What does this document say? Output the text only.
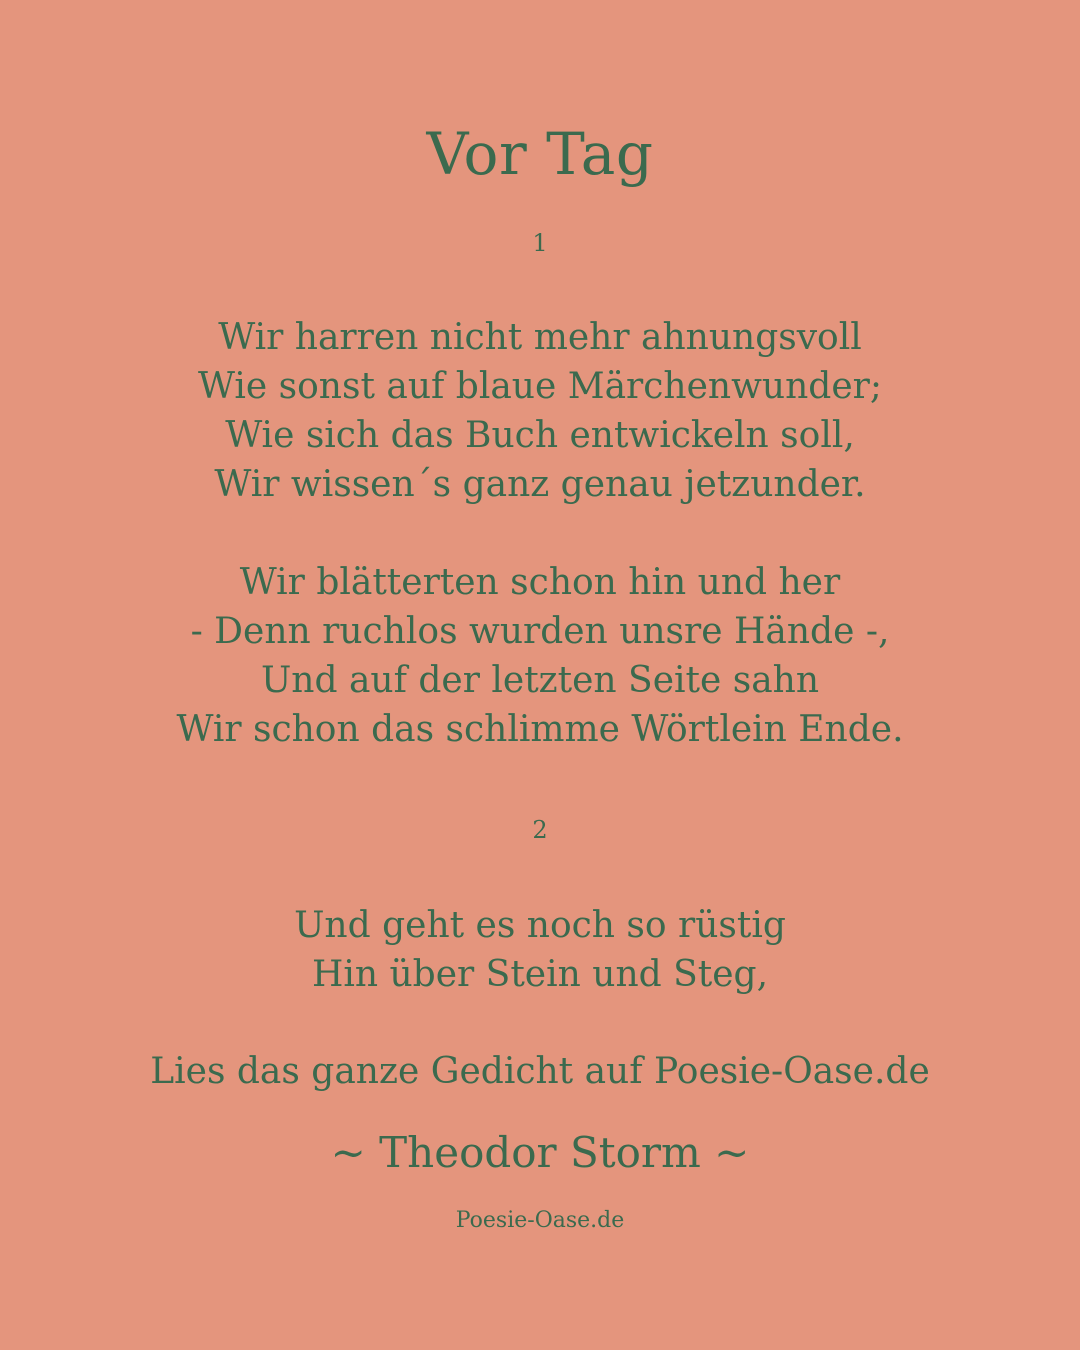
Vor Tag
1
Wir harren nicht mehr ahnungsvoll
Wie sonst auf blaue Märchenwunder;
Wie sich das Buch entwickeln soll,
Wir wissen´s ganz genau jetzunder.
Wir blätterten schon hin und her
- Denn ruchlos wurden unsre Hände -,
Und auf der letzten Seite sahn
Wir schon das schlimme Wörtlein Ende.
2
Und geht es noch so rüstig
Hin über Stein und Steg,
Lies das ganze Gedicht auf Poesie-Oase.de
~ Theodor Storm ~
Poesie-Oase.de
